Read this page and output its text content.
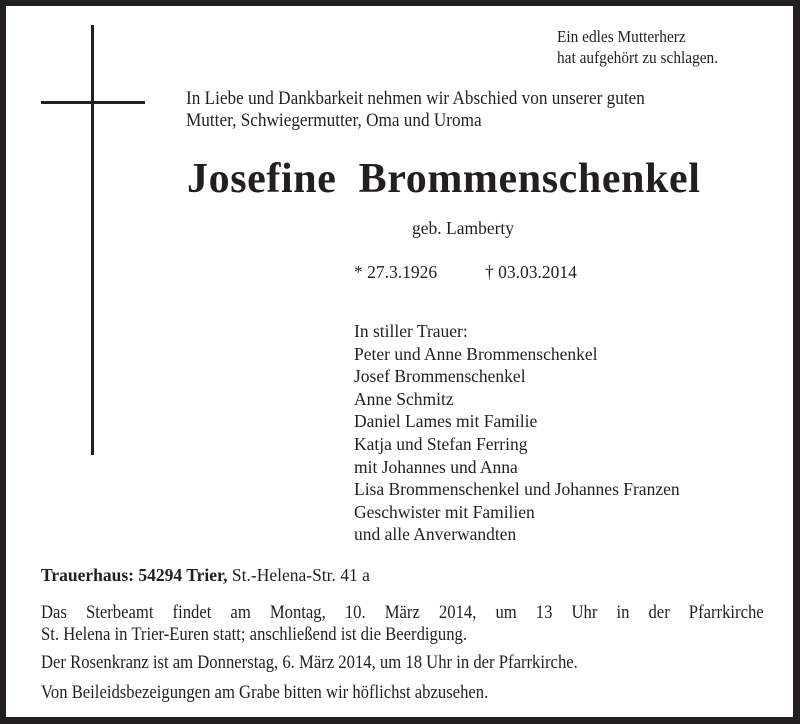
Ein edles Mutterherz
hat aufgehört zu schlagen.
In Liebe und Dankbarkeit nehmen wir Abschied von unserer guten
Mutter, Schwiegermutter, Oma und Uroma
Josefine  Brommenschenkel
geb. Lamberty
* 27.3.1926	† 03.03.2014
In stiller Trauer:
Peter und Anne Brommenschenkel
Josef Brommenschenkel
Anne Schmitz
Daniel Lames mit Familie
Katja und Stefan Ferring
mit Johannes und Anna
Lisa Brommenschenkel und Johannes Franzen
Geschwister mit Familien
und alle Anverwandten
Trauerhaus: 54294 Trier, St.-Helena-Str. 41 a
Das Sterbeamt findet am Montag, 10. März 2014, um 13 Uhr in der Pfarrkirche
St. Helena in Trier-Euren statt; anschließend ist die Beerdigung.
Der Rosenkranz ist am Donnerstag, 6. März 2014, um 18 Uhr in der Pfarrkirche.
Von Beileidsbezeigungen am Grabe bitten wir höflichst abzusehen.
